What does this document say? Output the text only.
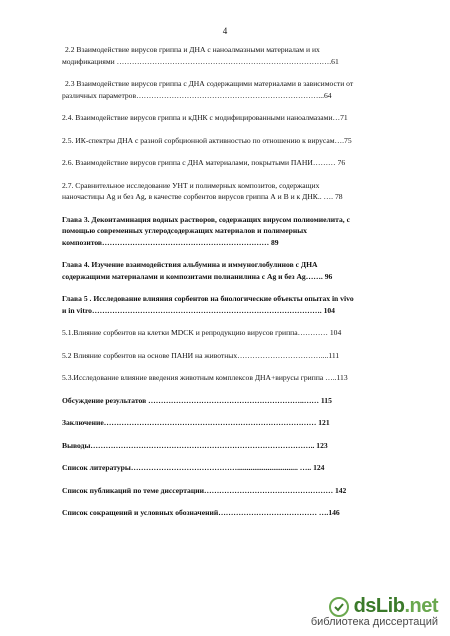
4
2.2 Взаимодействие вирусов гриппа и ДНА с наноалмазными материалам и их
модификациями ………………………………………………………………………….61
2.3 Взаимодействие вирусов гриппа с ДНА содержащими материалами в зависимости от
различных параметров………………………………………………………………...64
2.4. Взаимодействие вирусов гриппа и кДНК с модифицированными наноалмазами…71
2.5. ИК-спектры ДНА с разной сорбционной активностью по отношению к вирусам….75
2.6. Взаимодействие вирусов гриппа с ДНА материалами, покрытыми ПАНИ……… 76
2.7. Сравнительное исследование УНТ и полимерных композитов, содержащих
наночастицы Ag и без Ag, в качестве сорбентов вирусов гриппа А и В и к ДНК.. …. 78
Глава 3. Деконтаминация водных растворов, содержащих вирусом полиомиелита, с
помощью современных углеродсодержащих материалов и полимерных
композитов………………………………………………………… 89
Глава 4. Изучение взаимодействия альбумина и иммуноглобулинов с ДНА
содержащими материалами и композитами полианилина с Ag и без Ag……. 96
Глава 5 . Исследование влияния сорбентов на биологические объекты опытах in vivo
и in vitro………………………………………………………………………………. 104
5.1.Влияние сорбентов на клетки MDCK и репродукцию вирусов гриппа………… 104
5.2 Влияние сорбентов на основе ПАНИ на животных……………………………....111
5.3.Исследование влияние введения животным комплексов ДНА+вирусы гриппа …..113
Обсуждение результатов ……………………………………………………..…… 115
Заключение………………………………………………………………………… 121
Выводы…………………………………………………………………………….. 123
Список литературы……………………………………................................ ….. 124
Список публикаций по теме диссертации…………………………………………… 142
Список сокращений и условных обозначений………………………………… ….146
dsLib.net
библиотека диссертаций
